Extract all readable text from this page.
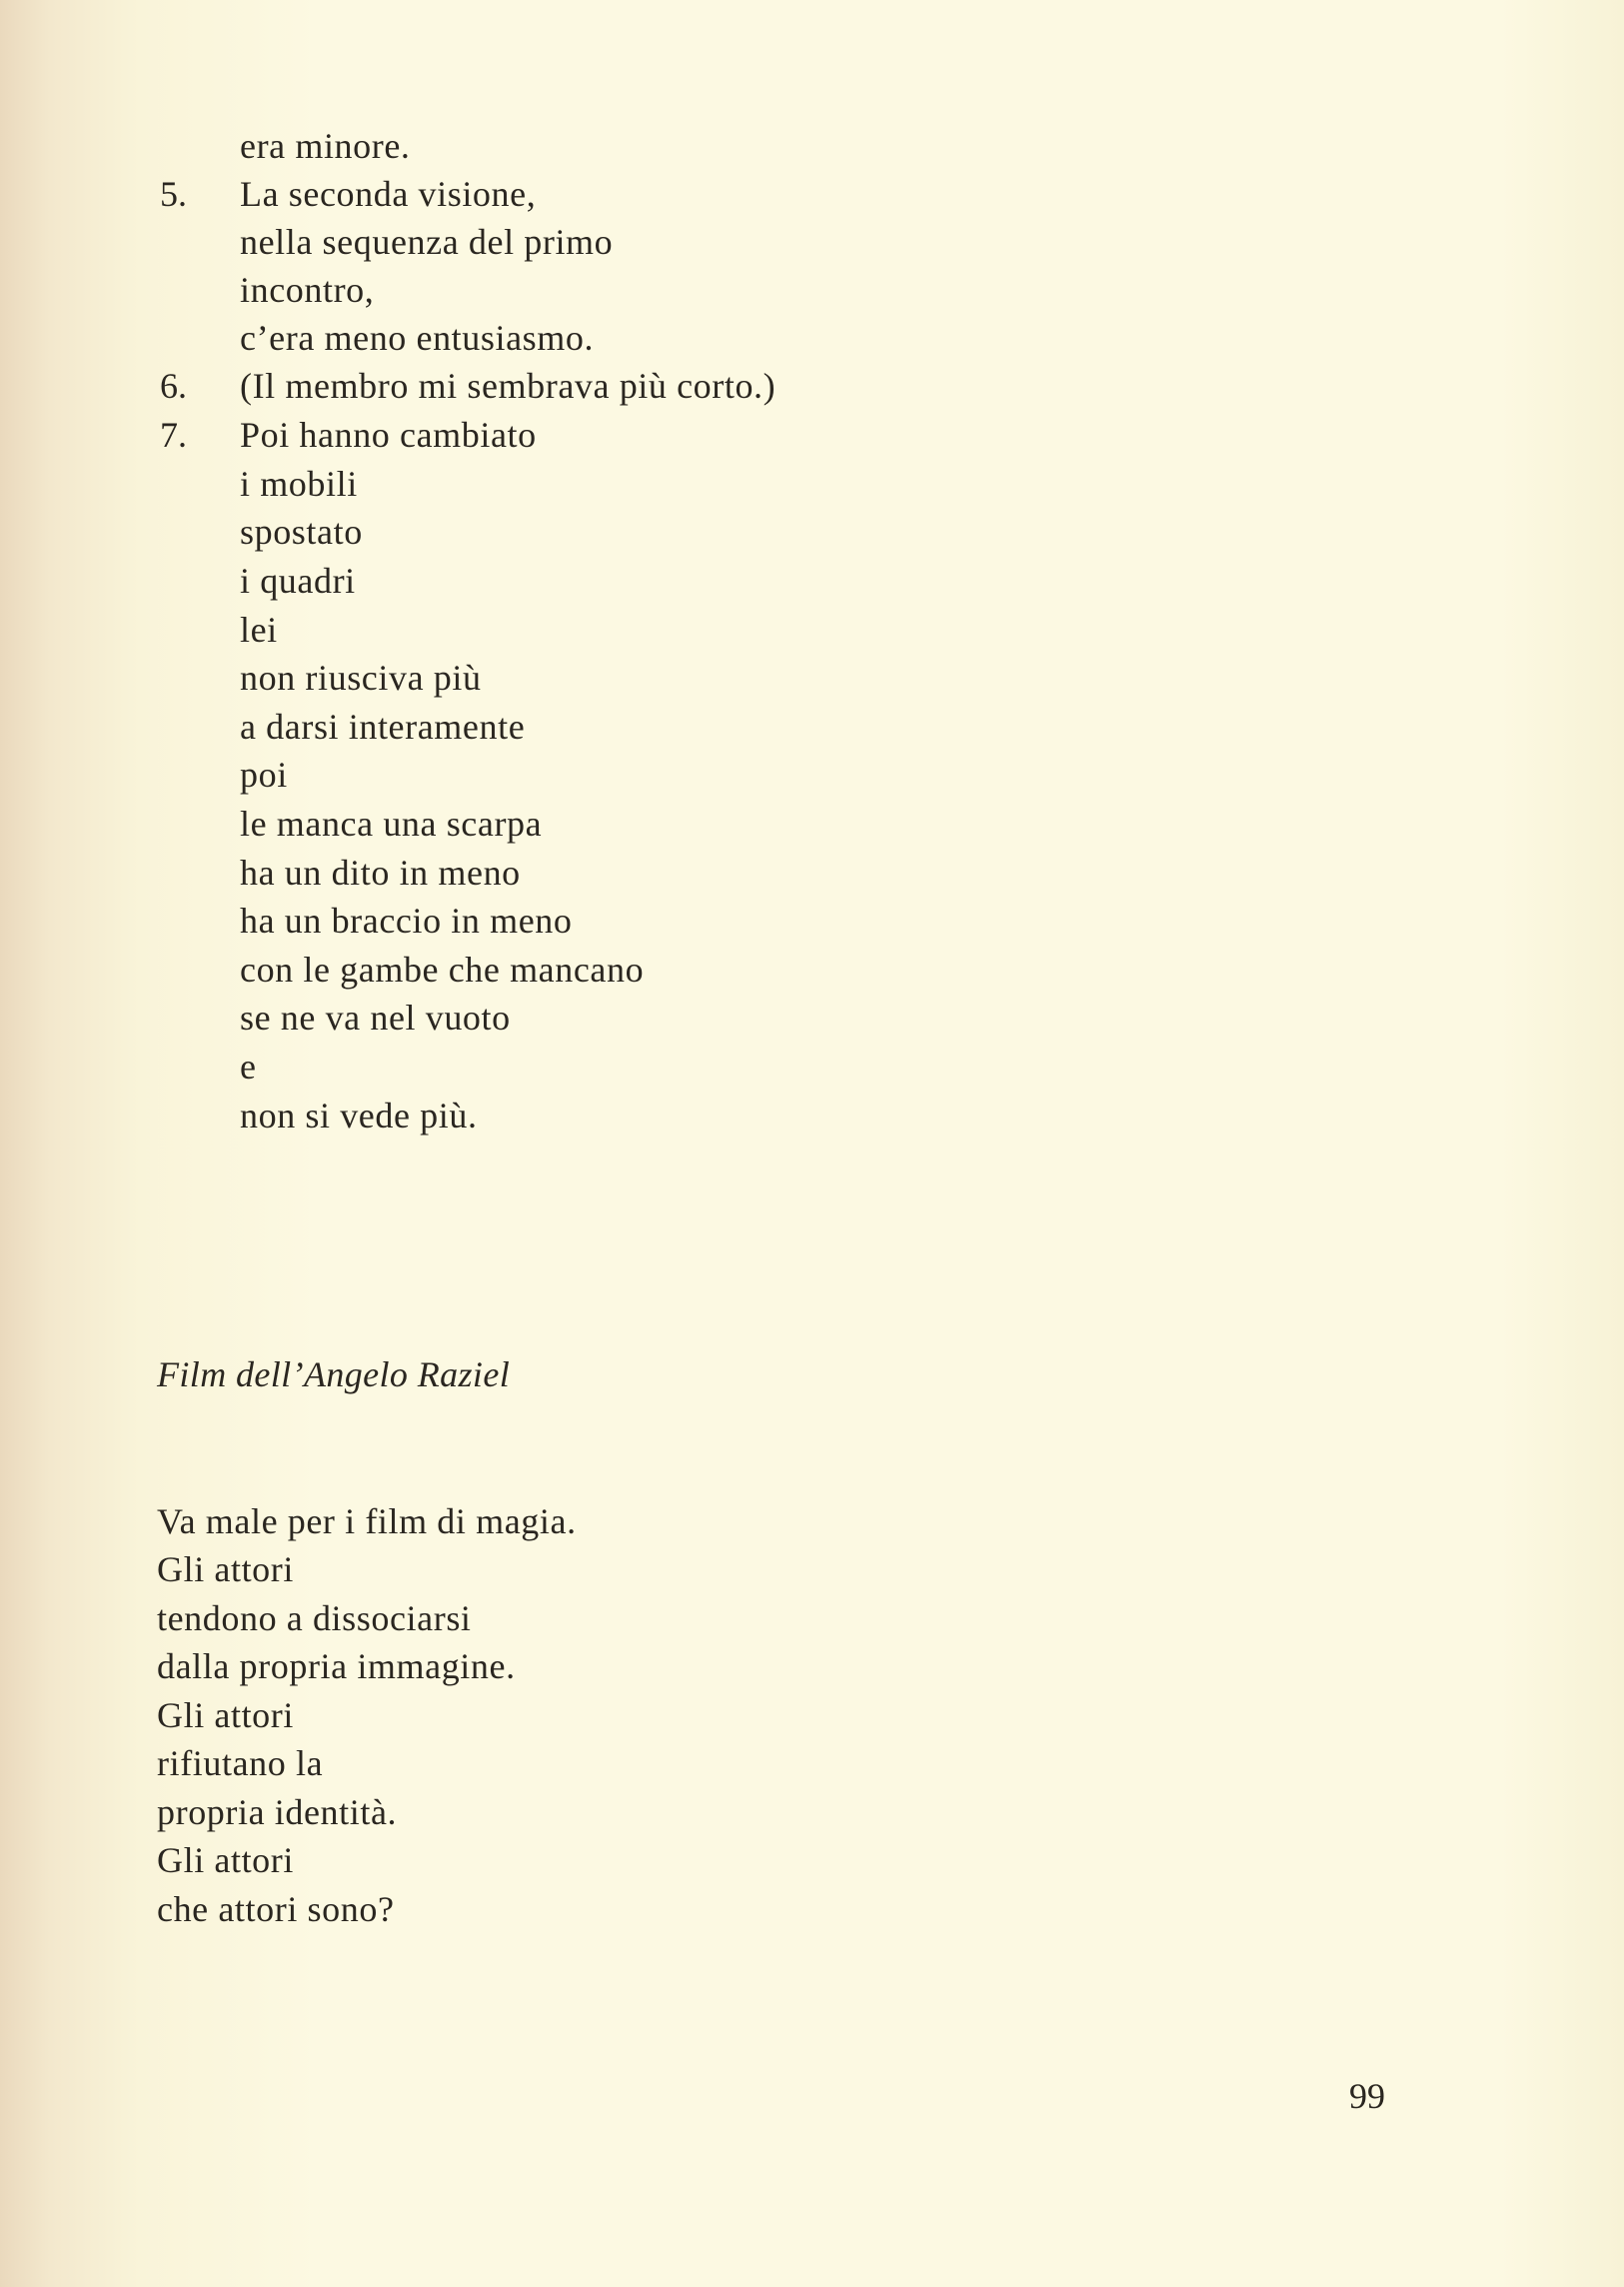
era minore.
5. La seconda visione,
nella sequenza del primo
incontro,
c’era meno entusiasmo.
6. (Il membro mi sembrava più corto.)
7. Poi hanno cambiato
i mobili
spostato
i quadri
lei
non riusciva più
a darsi interamente
poi
le manca una scarpa
ha un dito in meno
ha un braccio in meno
con le gambe che mancano
se ne va nel vuoto
e
non si vede più.
Film dell’Angelo Raziel
Va male per i film di magia.
Gli attori
tendono a dissociarsi
dalla propria immagine.
Gli attori
rifiutano la
propria identità.
Gli attori
che attori sono?
99
